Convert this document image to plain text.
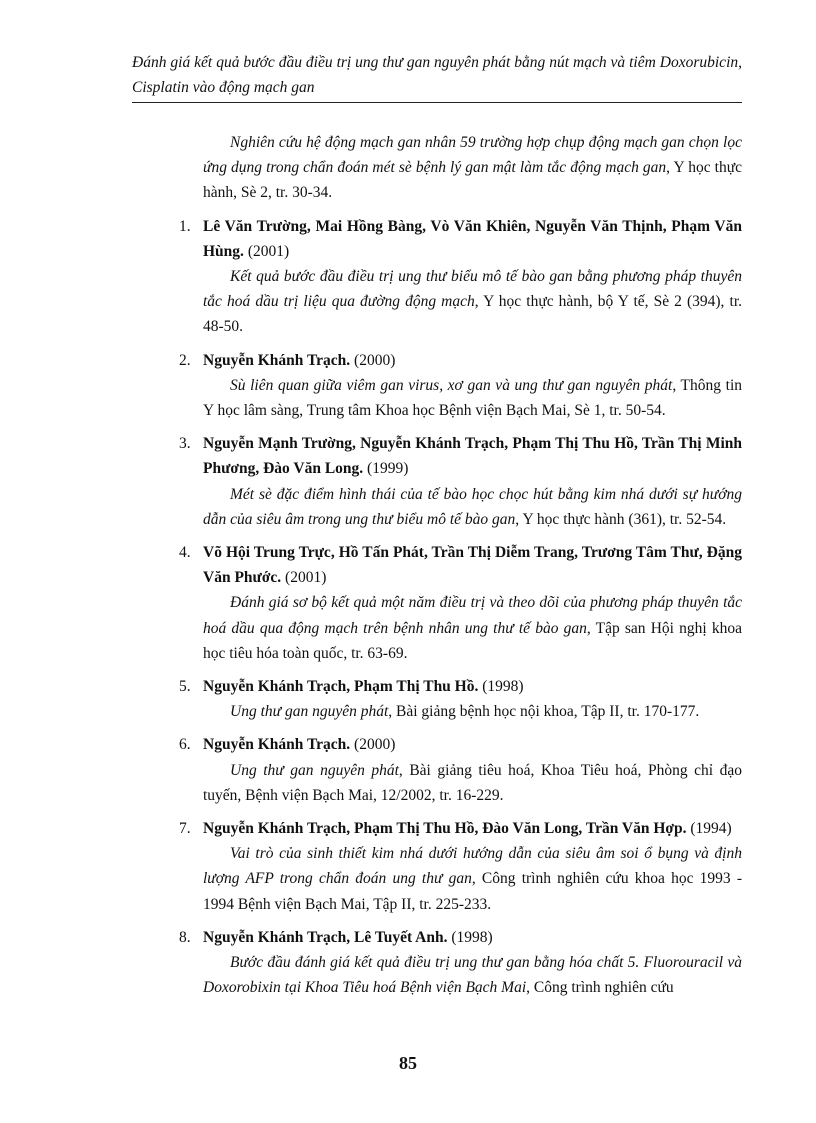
Đánh giá kết quả bước đầu điều trị ung thư gan nguyên phát bằng nút mạch và tiêm Doxorubicin, Cisplatin vào động mạch gan
Nghiên cứu hệ động mạch gan nhân 59 trường hợp chụp động mạch gan chọn lọc ứng dụng trong chẩn đoán mét sè bệnh lý gan mật làm tắc động mạch gan, Y học thực hành, Sè 2, tr. 30-34.
1. Lê Văn Trường, Mai Hồng Bàng, Vò Văn Khiên, Nguyễn Văn Thịnh, Phạm Văn Hùng. (2001)
Kết quả bước đầu điều trị ung thư biểu mô tế bào gan bằng phương pháp thuyên tắc hoá dầu trị liệu qua đường động mạch, Y học thực hành, bộ Y tế, Sè 2 (394), tr. 48-50.
2. Nguyễn Khánh Trạch. (2000)
Sù liên quan giữa viêm gan virus, xơ gan và ung thư gan nguyên phát, Thông tin Y học lâm sàng, Trung tâm Khoa học Bệnh viện Bạch Mai, Sè 1, tr. 50-54.
3. Nguyễn Mạnh Trường, Nguyễn Khánh Trạch, Phạm Thị Thu Hồ, Trần Thị Minh Phương, Đào Văn Long. (1999)
Mét sè đặc điểm hình thái của tế bào học chọc hút bằng kim nhá dưới sự hướng dẫn của siêu âm trong ung thư biểu mô tế bào gan, Y học thực hành (361), tr. 52-54.
4. Võ Hội Trung Trực, Hồ Tấn Phát, Trần Thị Diễm Trang, Trương Tâm Thư, Đặng Văn Phước. (2001)
Đánh giá sơ bộ kết quả một năm điều trị và theo dõi của phương pháp thuyên tắc hoá dầu qua động mạch trên bệnh nhân ung thư tế bào gan, Tập san Hội nghị khoa học tiêu hóa toàn quốc, tr. 63-69.
5. Nguyễn Khánh Trạch, Phạm Thị Thu Hồ. (1998)
Ung thư gan nguyên phát, Bài giảng bệnh học nội khoa, Tập II, tr. 170-177.
6. Nguyễn Khánh Trạch. (2000)
Ung thư gan nguyên phát, Bài giảng tiêu hoá, Khoa Tiêu hoá, Phòng chỉ đạo tuyến, Bệnh viện Bạch Mai, 12/2002, tr. 16-229.
7. Nguyễn Khánh Trạch, Phạm Thị Thu Hồ, Đào Văn Long, Trần Văn Hợp. (1994)
Vai trò của sinh thiết kim nhá dưới hướng dẫn của siêu âm soi ổ bụng và định lượng AFP trong chẩn đoán ung thư gan, Công trình nghiên cứu khoa học 1993 - 1994 Bệnh viện Bạch Mai, Tập II, tr. 225-233.
8. Nguyễn Khánh Trạch, Lê Tuyết Anh. (1998)
Bước đầu đánh giá kết quả điều trị ung thư gan bằng hóa chất 5. Fluorouracil và Doxorobixin tại Khoa Tiêu hoá Bệnh viện Bạch Mai, Công trình nghiên cứu
85
